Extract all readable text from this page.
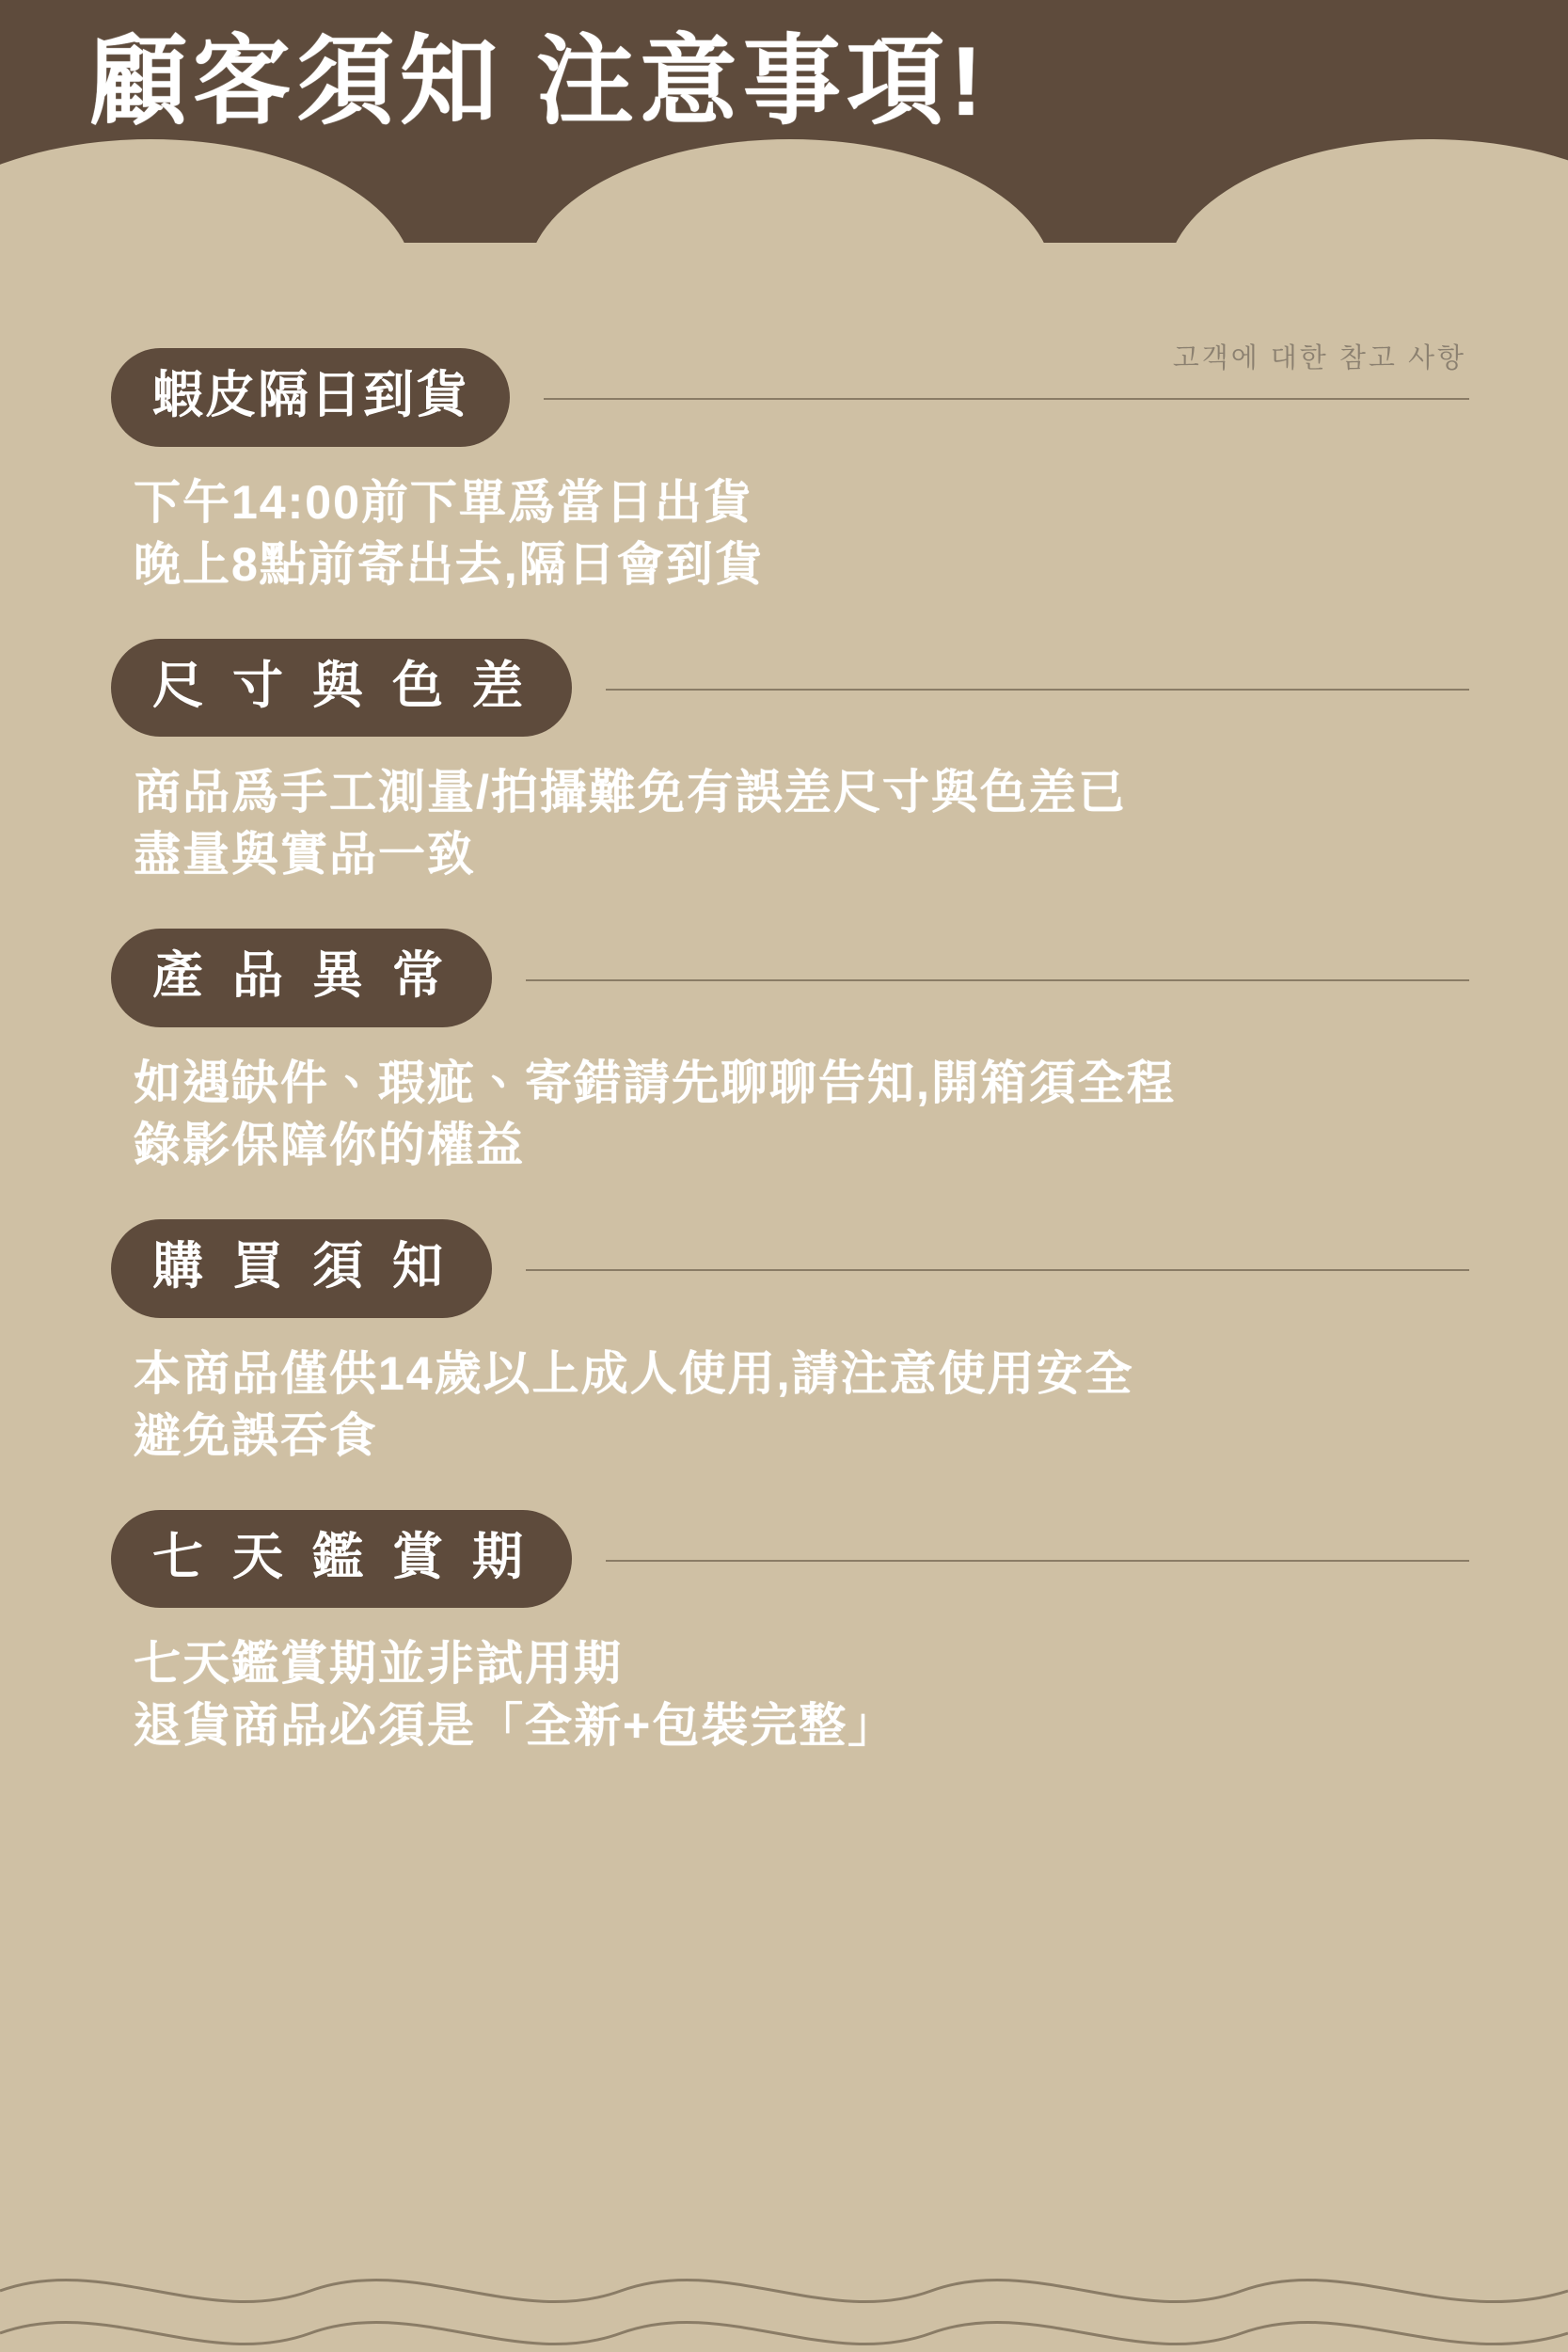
顧客須知 注意事項!
고객에 대한 참고 사항
蝦皮隔日到貨
下午14:00前下單爲當日出貨
晚上8點前寄出去,隔日會到貨
尺 寸 與 色 差
商品爲手工測量/拍攝難免有誤差尺寸與色差已
盡量與實品一致
產 品 異 常
如遇缺件、瑕疵、寄錯請先聊聊告知,開箱須全程
錄影保障你的權益
購 買 須 知
本商品僅供14歲以上成人使用,請注意使用安全
避免誤吞食
七 天 鑑 賞 期
七天鑑賞期並非試用期
退貨商品必須是「全新+包裝完整」
